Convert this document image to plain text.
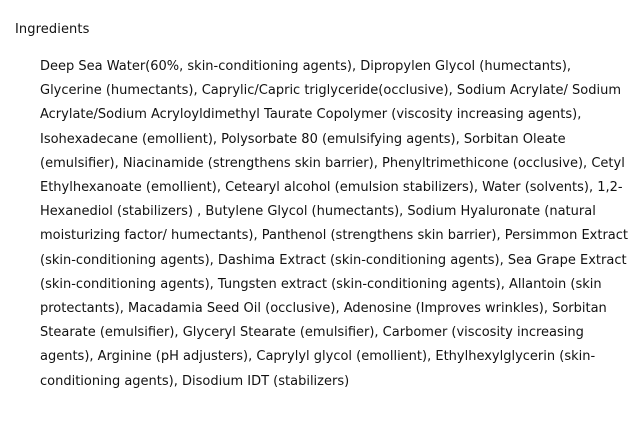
Ingredients
Deep Sea Water(60%, skin-conditioning agents), Dipropylen Glycol (humectants),
Glycerine (humectants), Caprylic/Capric triglyceride(occlusive), Sodium Acrylate/ Sodium
Acrylate/Sodium Acryloyldimethyl Taurate Copolymer (viscosity increasing agents),
Isohexadecane (emollient), Polysorbate 80 (emulsifying agents), Sorbitan Oleate
(emulsifier), Niacinamide (strengthens skin barrier), Phenyltrimethicone (occlusive), Cetyl
Ethylhexanoate (emollient), Cetearyl alcohol (emulsion stabilizers), Water (solvents), 1,2-
Hexanediol (stabilizers) , Butylene Glycol (humectants), Sodium Hyaluronate (natural
moisturizing factor/ humectants), Panthenol (strengthens skin barrier), Persimmon Extract
(skin-conditioning agents), Dashima Extract (skin-conditioning agents), Sea Grape Extract
(skin-conditioning agents), Tungsten extract (skin-conditioning agents), Allantoin (skin
protectants), Macadamia Seed Oil (occlusive), Adenosine (Improves wrinkles), Sorbitan
Stearate (emulsifier), Glyceryl Stearate (emulsifier), Carbomer (viscosity increasing
agents), Arginine (pH adjusters), Caprylyl glycol (emollient), Ethylhexylglycerin (skin-
conditioning agents), Disodium IDT (stabilizers)
